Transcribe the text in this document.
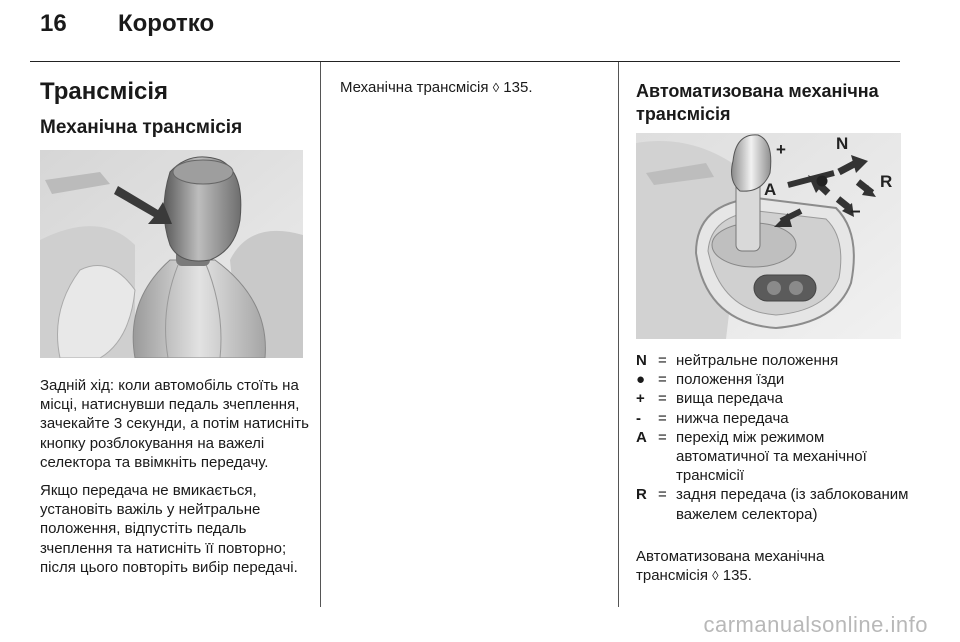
16 Коротко
Трансмісія
Механічна трансмісія

Задній хід: коли автомобіль стоїть на місці, натиснувши педаль зчеплення, зачекайте 3 секунди, а потім натисніть кнопку розблокування на важелі селектора та ввімкніть передачу.

Якщо передача не вмикається, установіть важіль у нейтральне положення, відпустіть педаль зчеплення та натисніть її повторно; після цього повторіть вибір передачі.

Механічна трансмісія ◊ 135.	Автоматизована механічна трансмісія
+	N
A	R
–
N = нейтральне положення
● = положення їзди
+ = вища передача
-	= нижча передача
A = перехід між режимом автоматичної та механічної трансмісії
R = задня передача (із заблокованим важелем селектора)
Автоматизована механічна трансмісія ◊ 135.
carmanualsonline.info
